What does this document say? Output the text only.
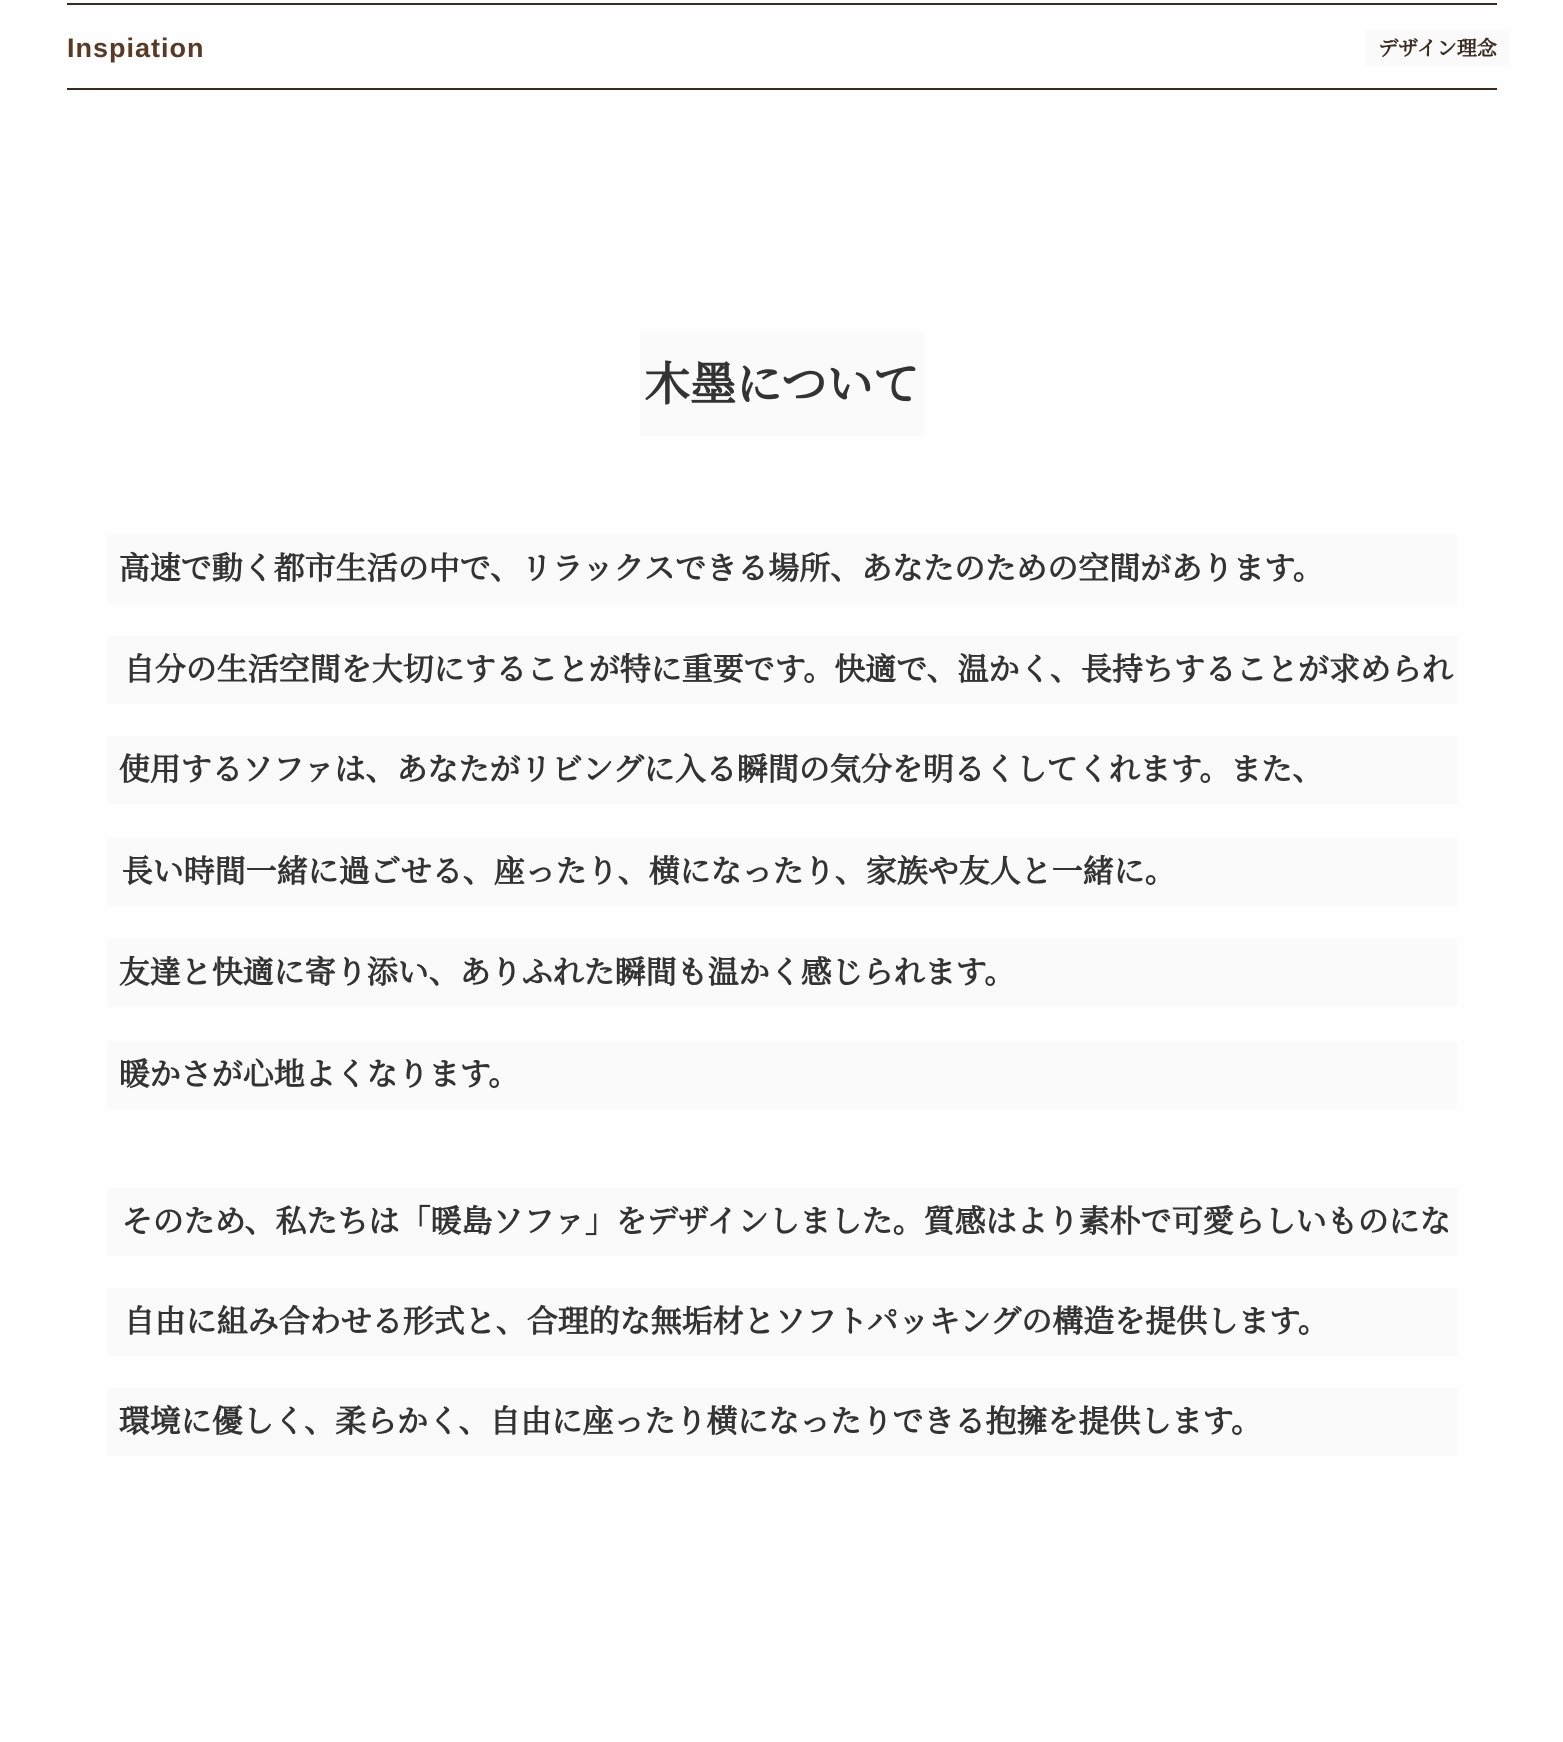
Inspiation	デザイン理念
木墨について

高速で動く都市生活の中で、リラックスできる場所、あなたのための空間があります。

自分の生活空間を大切にすることが特に重要です。快適で、温かく、長持ちすることが求められ

使用するソファは、あなたがリビングに入る瞬間の気分を明るくしてくれます。また、

長い時間一緒に過ごせる、座ったり、横になったり、家族や友人と一緒に。

友達と快適に寄り添い、ありふれた瞬間も温かく感じられます。

暖かさが心地よくなります。

そのため、私たちは「暖島ソファ」をデザインしました。質感はより素朴で可愛らしいものにな

自由に組み合わせる形式と、合理的な無垢材とソフトパッキングの構造を提供します。

環境に優しく、柔らかく、自由に座ったり横になったりできる抱擁を提供します。
